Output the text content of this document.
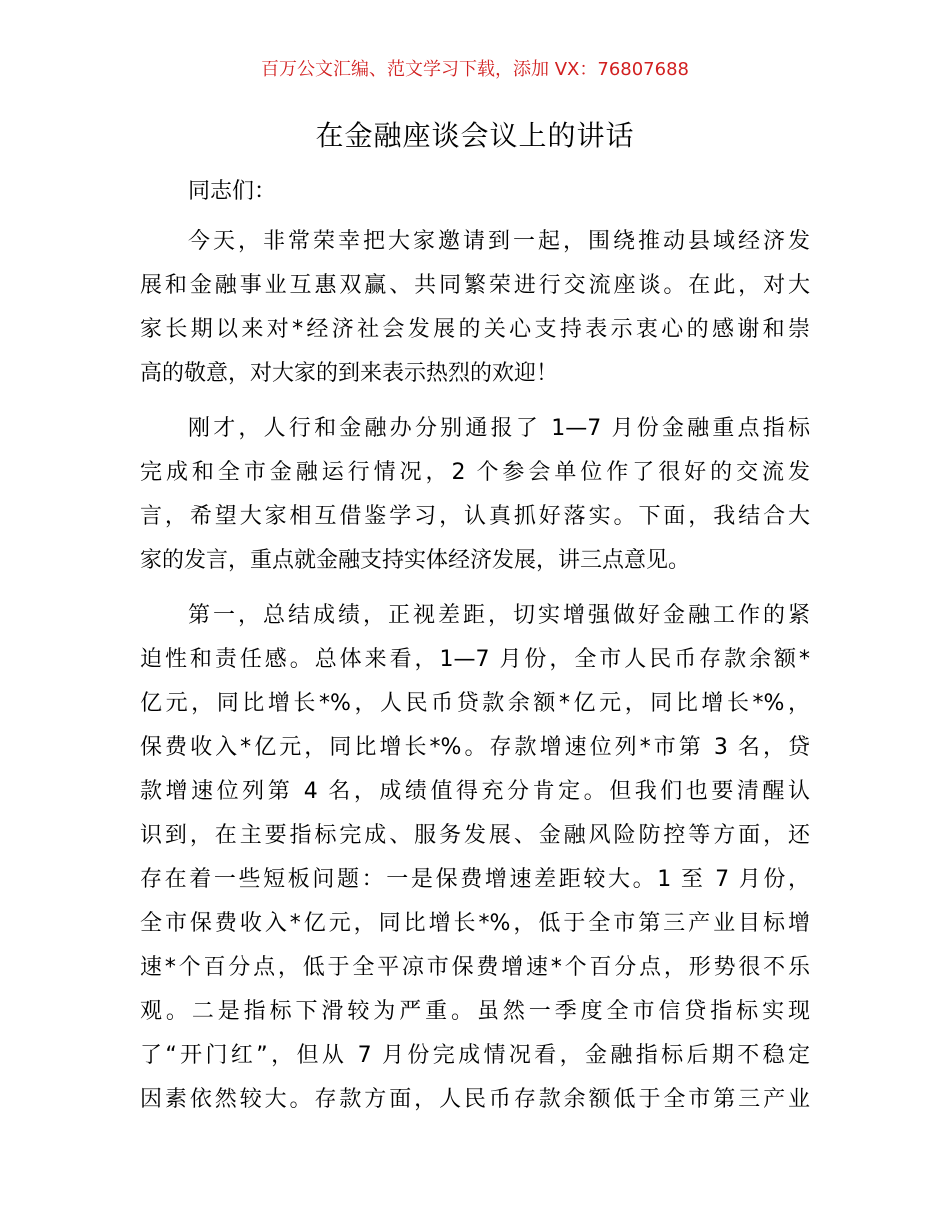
百万公文汇编、范文学习下载，添加 VX：76807688
在金融座谈会议上的讲话
同志们：
今天，非常荣幸把大家邀请到一起，围绕推动县域经济发
展和金融事业互惠双赢、共同繁荣进行交流座谈。在此，对大
家长期以来对*经济社会发展的关心支持表示衷心的感谢和崇
高的敬意，对大家的到来表示热烈的欢迎！
刚才，人行和金融办分别通报了 1—7 月份金融重点指标
完成和全市金融运行情况，2 个参会单位作了很好的交流发
言，希望大家相互借鉴学习，认真抓好落实。下面，我结合大
家的发言，重点就金融支持实体经济发展，讲三点意见。
第一，总结成绩，正视差距，切实增强做好金融工作的紧
迫性和责任感。总体来看，1—7 月份，全市人民币存款余额*
亿元，同比增长*%，人民币贷款余额*亿元，同比增长*%，
保费收入*亿元，同比增长*%。存款增速位列*市第 3 名，贷
款增速位列第 4 名，成绩值得充分肯定。但我们也要清醒认
识到，在主要指标完成、服务发展、金融风险防控等方面，还
存在着一些短板问题：一是保费增速差距较大。1 至 7 月份，
全市保费收入*亿元，同比增长*%，低于全市第三产业目标增
速*个百分点，低于全平凉市保费增速*个百分点，形势很不乐
观。二是指标下滑较为严重。虽然一季度全市信贷指标实现
了“开门红”，但从 7 月份完成情况看，金融指标后期不稳定
因素依然较大。存款方面，人民币存款余额低于全市第三产业
